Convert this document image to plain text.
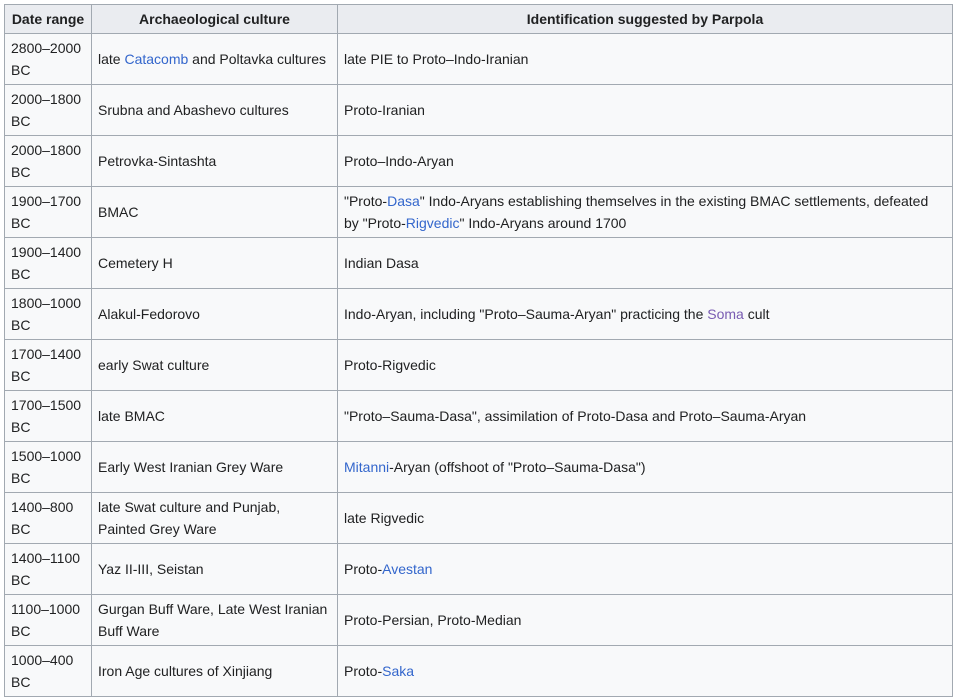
Date range	Archaeological culture	Identification suggested by Parpola
2800–2000 BC	late Catacomb and Poltavka cultures	late PIE to Proto–Indo-Iranian
2000–1800 BC	Srubna and Abashevo cultures	Proto-Iranian
2000–1800 BC	Petrovka-Sintashta	Proto–Indo-Aryan
1900–1700 BC	BMAC	"Proto-Dasa" Indo-Aryans establishing themselves in the existing BMAC settlements, defeated by "Proto-Rigvedic" Indo-Aryans around 1700
1900–1400 BC	Cemetery H	Indian Dasa
1800–1000 BC	Alakul-Fedorovo	Indo-Aryan, including "Proto–Sauma-Aryan" practicing the Soma cult
1700–1400 BC	early Swat culture	Proto-Rigvedic
1700–1500 BC	late BMAC	"Proto–Sauma-Dasa", assimilation of Proto-Dasa and Proto–Sauma-Aryan
1500–1000 BC	Early West Iranian Grey Ware	Mitanni-Aryan (offshoot of "Proto–Sauma-Dasa")
1400–800 BC	late Swat culture and Punjab, Painted Grey Ware	late Rigvedic
1400–1100 BC	Yaz II-III, Seistan	Proto-Avestan
1100–1000 BC	Gurgan Buff Ware, Late West Iranian Buff Ware	Proto-Persian, Proto-Median
1000–400 BC	Iron Age cultures of Xinjiang	Proto-Saka
